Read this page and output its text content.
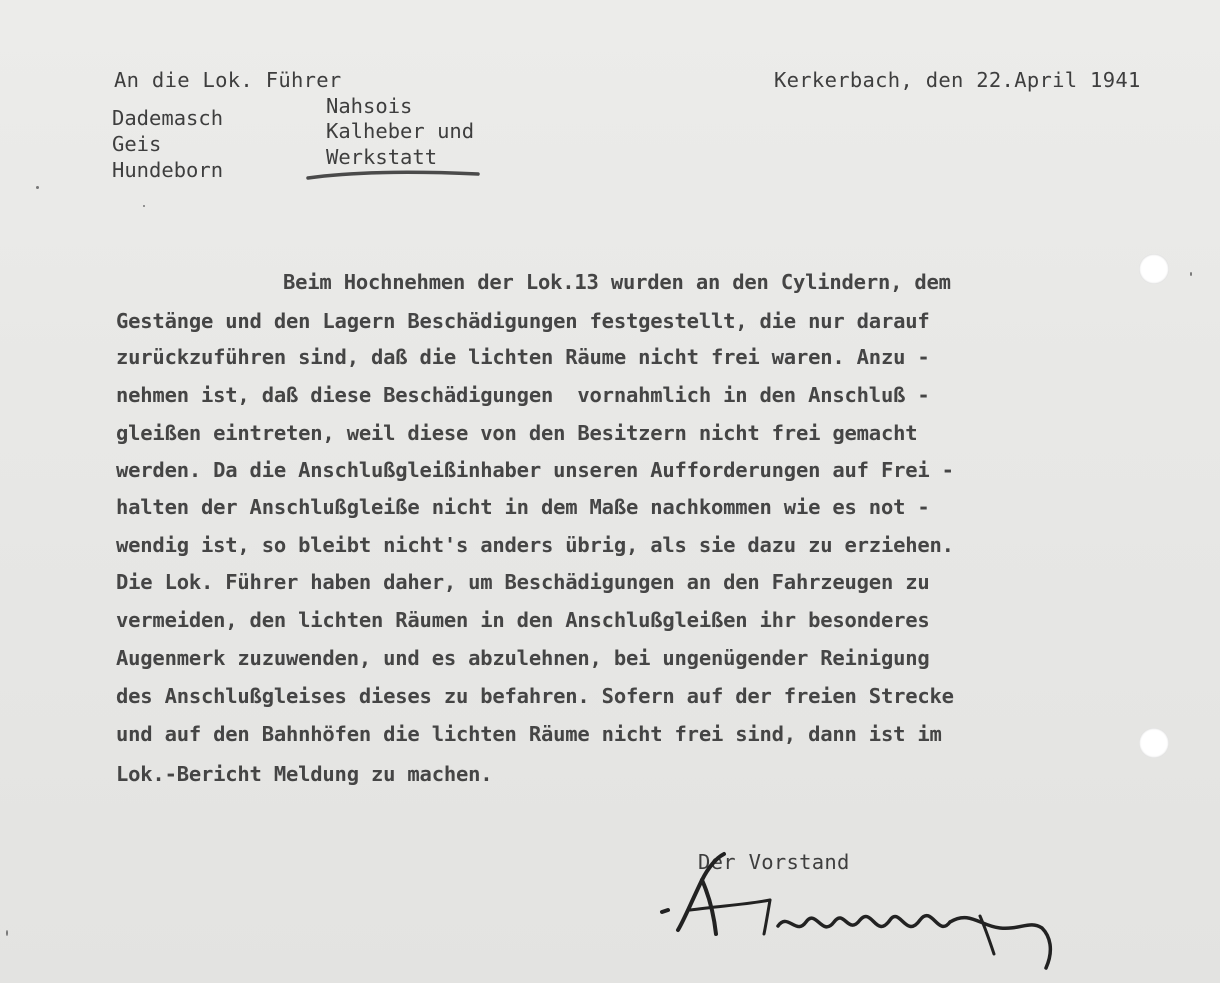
An die Lok. Führer	Kerkerbach, den 22.April 1941
Dademasch
Geis
Hundeborn
Nahsois
Kalheber und
Werkstatt
Beim Hochnehmen der Lok.13 wurden an den Cylindern, dem
Gestänge und den Lagern Beschädigungen festgestellt, die nur darauf
zurückzuführen sind, daß die lichten Räume nicht frei waren. Anzu -
nehmen ist, daß diese Beschädigungen  vornahmlich in den Anschluß -
gleißen eintreten, weil diese von den Besitzern nicht frei gemacht
werden. Da die Anschlußgleißinhaber unseren Aufforderungen auf Frei -
halten der Anschlußgleiße nicht in dem Maße nachkommen wie es not -
wendig ist, so bleibt nicht's anders übrig, als sie dazu zu erziehen.
Die Lok. Führer haben daher, um Beschädigungen an den Fahrzeugen zu
vermeiden, den lichten Räumen in den Anschlußgleißen ihr besonderes
Augenmerk zuzuwenden, und es abzulehnen, bei ungenügender Reinigung
des Anschlußgleises dieses zu befahren. Sofern auf der freien Strecke
und auf den Bahnhöfen die lichten Räume nicht frei sind, dann ist im
Lok.-Bericht Meldung zu machen.
Der Vorstand
